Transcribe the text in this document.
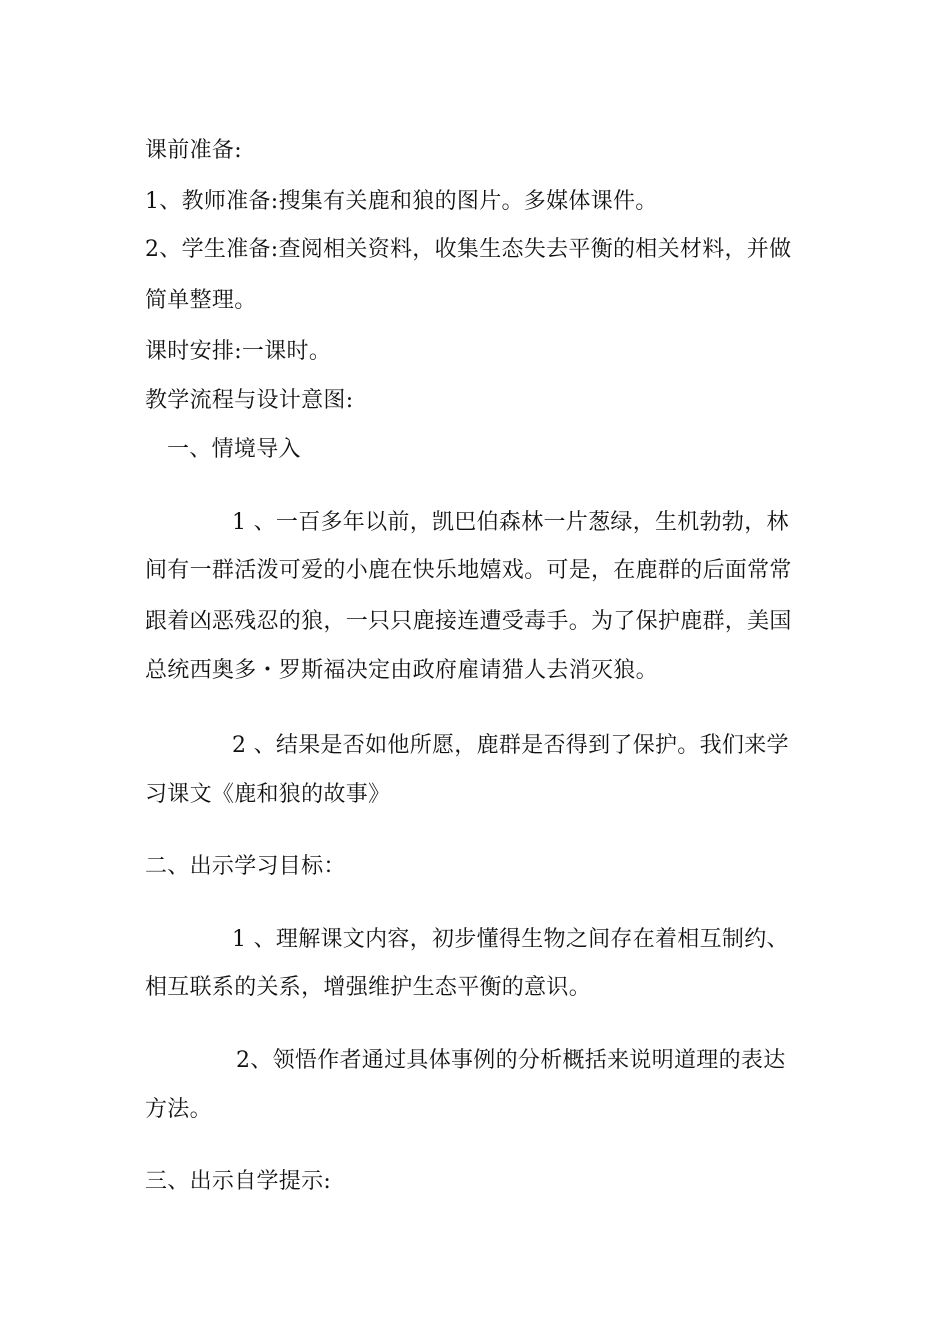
课前准备:
1、教师准备:搜集有关鹿和狼的图片。多媒体课件。
2、学生准备:查阅相关资料，收集生态失去平衡的相关材料，并做
简单整理。
课时安排:一课时。
教学流程与设计意图:
一、情境导入
1 、一百多年以前，凯巴伯森林一片葱绿，生机勃勃，林
间有一群活泼可爱的小鹿在快乐地嬉戏。可是，在鹿群的后面常常
跟着凶恶残忍的狼，一只只鹿接连遭受毒手。为了保护鹿群，美国
总统西奥多・罗斯福决定由政府雇请猎人去消灭狼。
2 、结果是否如他所愿，鹿群是否得到了保护。我们来学
习课文《鹿和狼的故事》
二、出示学习目标：
1 、理解课文内容，初步懂得生物之间存在着相互制约、
相互联系的关系，增强维护生态平衡的意识。
2、领悟作者通过具体事例的分析概括来说明道理的表达
方法。
三、出示自学提示:
